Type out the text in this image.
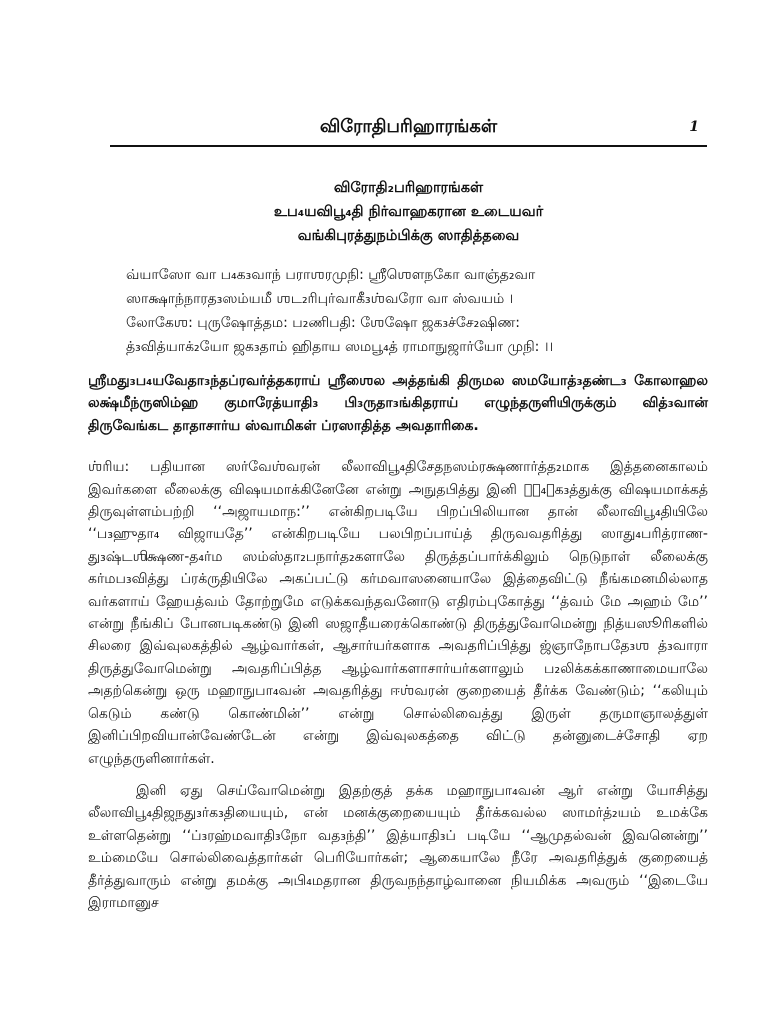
விரோதிபரிஹாரங்கள்	1
விரோதி₂பரிஹாரங்கள்
உப₄யவிபூ₄தி நிர்வாஹகரான உடையவர்
வங்கிபுரத்துநம்பிக்கு ஸாதித்தவை
வ்யாஸோ வா ப₄க₃வாந் பராஶரமுநி: ஶ்ரீஶௌநகோ வாஞ்த₂வா
ஸாக்ஷாந்நாரத₃ஸம்யமீ ஶட₂ரிபுர்வாகீ₃ஶ்வரோ வா ஸ்வயம் ।
லோகேஶ: புருஷோத்தம: ப₂ணிபதி: ஶேஷோ ஜக₃ச்சே₂ஷிண:
த்₃வித்யாக்₂யோ ஜக₃தாம் ஹிதாய ஸமபூ₄த் ராமாநுஜார்யோ முநி: ।।

ஸ்ரீமது₃ப₄யவேதா₃ந்தப்ரவர்த்தகராய் ஸ்ரீஶைல அத்தங்கி திருமல ஸமயோத்₃தண்ட₃ கோலாஹல லக்ஷ்மீந்ருஸிம்ஹ குமாரேத்யாதி₃ பி₃ருதா₃ங்கிதராய் எழுந்தருளியிருக்கும் வித்₃வான் திருவேங்கட தாதாசார்ய ஸ்வாமிகள் ப்ரஸாதித்த அவதாரிகை.

ஶ்ரிய: பதியான ஸர்வேஶ்வரன் லீலாவிபூ₄திசேதநஸம்ரக்ஷணார்த்த₂மாக இத்தனைகாலம் இவர்களை லீலைக்கு விஷயமாக்கினேனே என்று அநுதபித்து இனி பே₄ாக₃த்துக்கு விஷயமாக்கத் திருவுள்ளம்பற்றி ‘‘அஜாயமாந:’’ என்கிறபடியே பிறப்பிலியான தான் லீலாவிபூ₄தியிலே ‘‘ப₃ஹுதா₄ விஜாயதே’’ என்கிறபடியே பலபிறப்பாய்த் திருவவதரித்து ஸாது₄பரித்ராண-து₃ஷ்டஶிக்ஷண-த₄ர்ம ஸம்ஸ்தா₂பநார்த₂களாலே திருத்தப்பார்க்கிலும் நெடுநாள் லீலைக்கு கர்மப₃வித்து ப்ரக்ருதியிலே அகப்பட்டு கர்மவாஸனையாலே இத்தைவிட்டு நீங்கமனமில்லாத வர்களாய் ஹேயத்வம் தோற்றுமே எடுக்கவந்தவனோடு எதிரம்புகோத்து ‘‘த்வம் மே அஹம் மே’’ என்று நீங்கிப் போனபடிகண்டு இனி ஸஜாதீயரைக்கொண்டு திருத்துவோமென்று நித்யஸூரிகளில் சிலரை இவ்வுலகத்தில் ஆழ்வார்கள், ஆசார்யர்களாக அவதரிப்பித்து ஜ்ஞாநோபதே₃ஶ த்₃வாரா திருத்துவோமென்று அவதரிப்பித்த ஆழ்வார்களாசார்யர்களாலும் ப₂லிக்கக்காணாமையாலே அதற்கென்று ஒரு மஹாநுபா₄வன் அவதரித்து ஈஶ்வரன் குறையைத் தீர்க்க வேண்டும்; ‘‘கலியும் கெடும் கண்டு கொண்மின்’’ என்று சொல்லிவைத்து இருள் தருமாஞாலத்துள் இனிப்பிறவியான்வேண்டேன் என்று இவ்வுலகத்தை விட்டு தன்னுடைச்சோதி ஏற எழுந்தருளினார்கள்.

இனி ஏது செய்வோமென்று இதற்குத் தக்க மஹாநுபா₄வன் ஆர் என்று யோசித்து லீலாவிபூ₄திஜநது₃ர்க₃தியையும், என் மனக்குறையையும் தீர்க்கவல்ல ஸாமர்த்₂யம் உமக்கே உள்ளதென்று ‘‘ப்₃ரஹ்மவாதி₃நோ வத₃ந்தி’’ இத்யாதி₃ப் படியே ‘‘ஆமுதல்வன் இவனென்று’’ உம்மையே சொல்லிவைத்தார்கள் பெரியோர்கள்; ஆகையாலே நீரே அவதரித்துக் குறையைத் தீர்த்துவாரும் என்று தமக்கு அபி₄மதரான திருவநந்தாழ்வானை நியமிக்க அவரும் ‘‘இடையே இராமானுச
